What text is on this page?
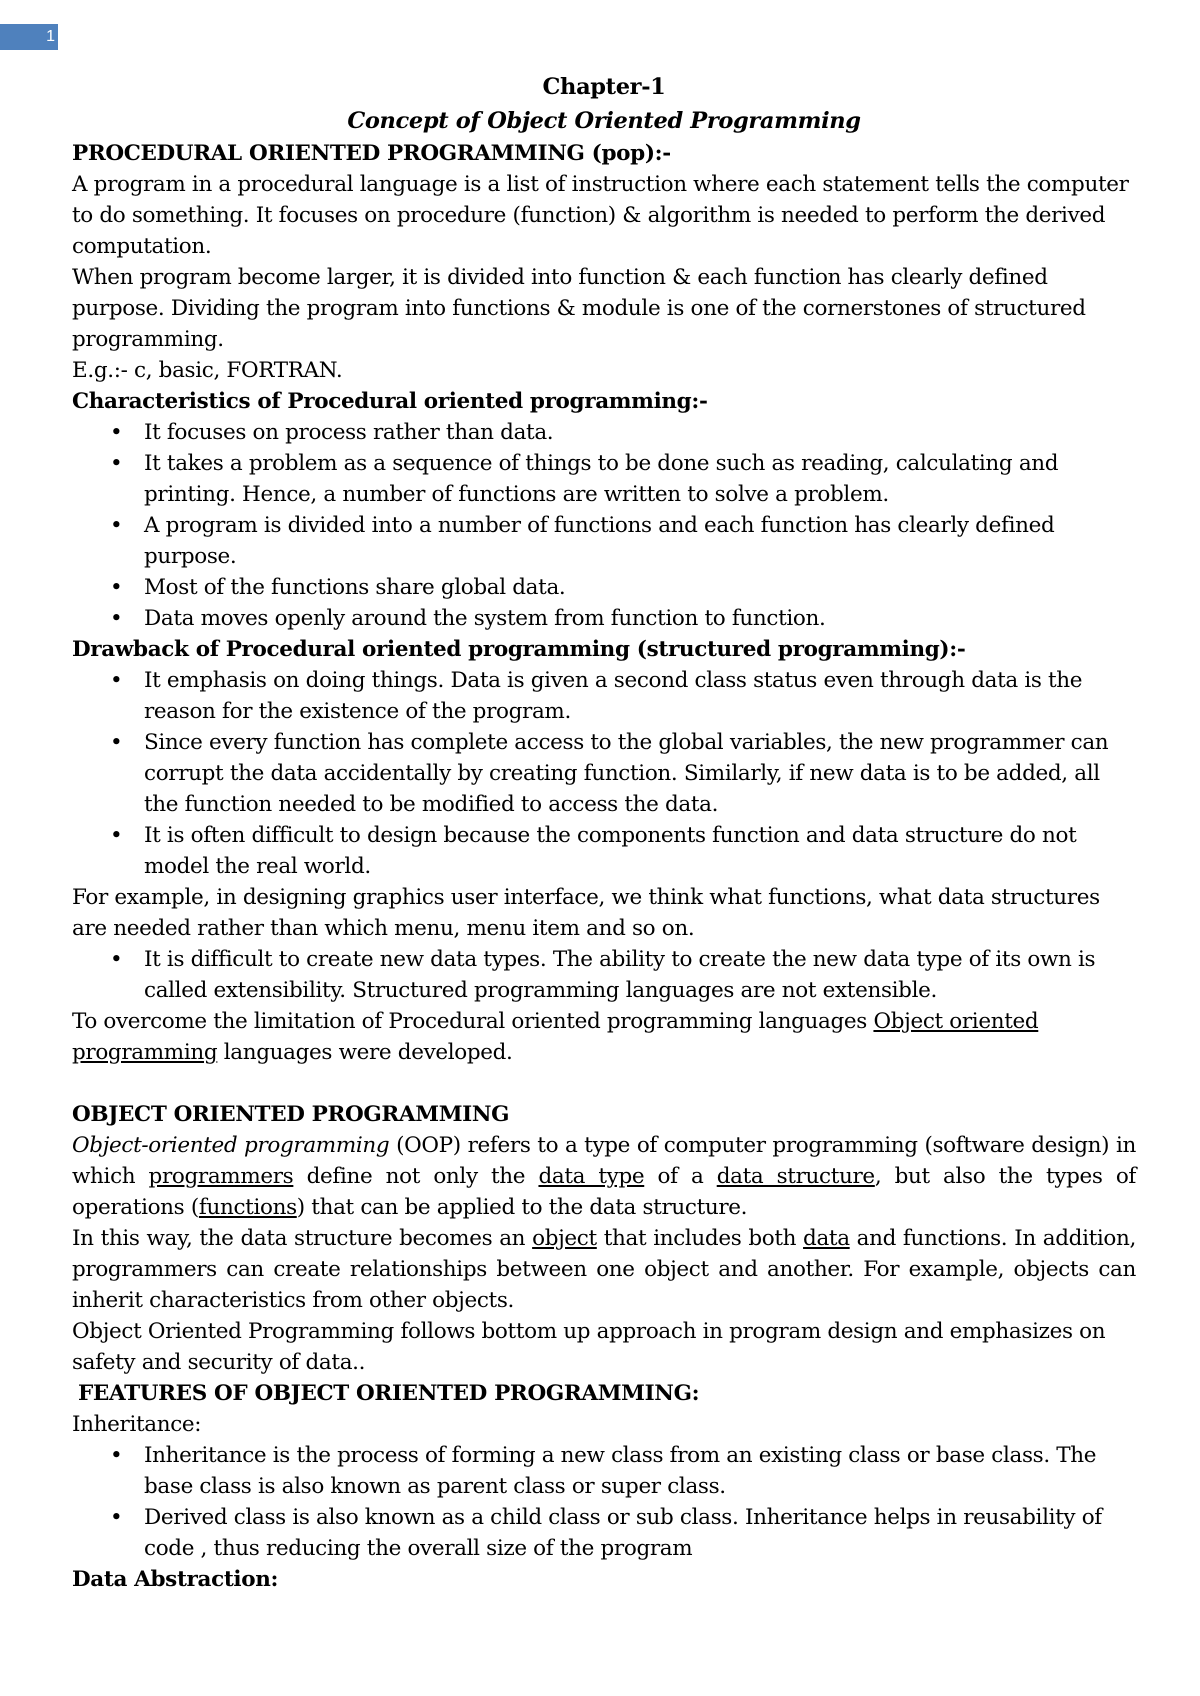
1

Chapter-1

Concept of Object Oriented Programming

PROCEDURAL ORIENTED PROGRAMMING (pop):-

A program in a procedural language is a list of instruction where each statement tells the computer to do something. It focuses on procedure (function) & algorithm is needed to perform the derived computation.

When program become larger, it is divided into function & each function has clearly defined purpose. Dividing the program into functions & module is one of the cornerstones of structured programming.

E.g.:- c, basic, FORTRAN.

Characteristics of Procedural oriented programming:-

• It focuses on process rather than data.
• It takes a problem as a sequence of things to be done such as reading, calculating and printing. Hence, a number of functions are written to solve a problem.
• A program is divided into a number of functions and each function has clearly defined purpose.
• Most of the functions share global data.
• Data moves openly around the system from function to function.

Drawback of Procedural oriented programming (structured programming):-

• It emphasis on doing things. Data is given a second class status even through data is the reason for the existence of the program.
• Since every function has complete access to the global variables, the new programmer can corrupt the data accidentally by creating function. Similarly, if new data is to be added, all the function needed to be modified to access the data.
• It is often difficult to design because the components function and data structure do not model the real world.

For example, in designing graphics user interface, we think what functions, what data structures are needed rather than which menu, menu item and so on.

• It is difficult to create new data types. The ability to create the new data type of its own is called extensibility. Structured programming languages are not extensible.

To overcome the limitation of Procedural oriented programming languages Object oriented programming languages were developed.

OBJECT ORIENTED PROGRAMMING

Object-oriented programming (OOP) refers to a type of computer programming (software design) in which programmers define not only the data type of a data structure, but also the types of operations (functions) that can be applied to the data structure.

In this way, the data structure becomes an object that includes both data and functions. In addition, programmers can create relationships between one object and another. For example, objects can inherit characteristics from other objects.

Object Oriented Programming follows bottom up approach in program design and emphasizes on safety and security of data..

FEATURES OF OBJECT ORIENTED PROGRAMMING:

Inheritance:

• Inheritance is the process of forming a new class from an existing class or base class. The base class is also known as parent class or super class.
• Derived class is also known as a child class or sub class. Inheritance helps in reusability of code , thus reducing the overall size of the program

Data Abstraction:
